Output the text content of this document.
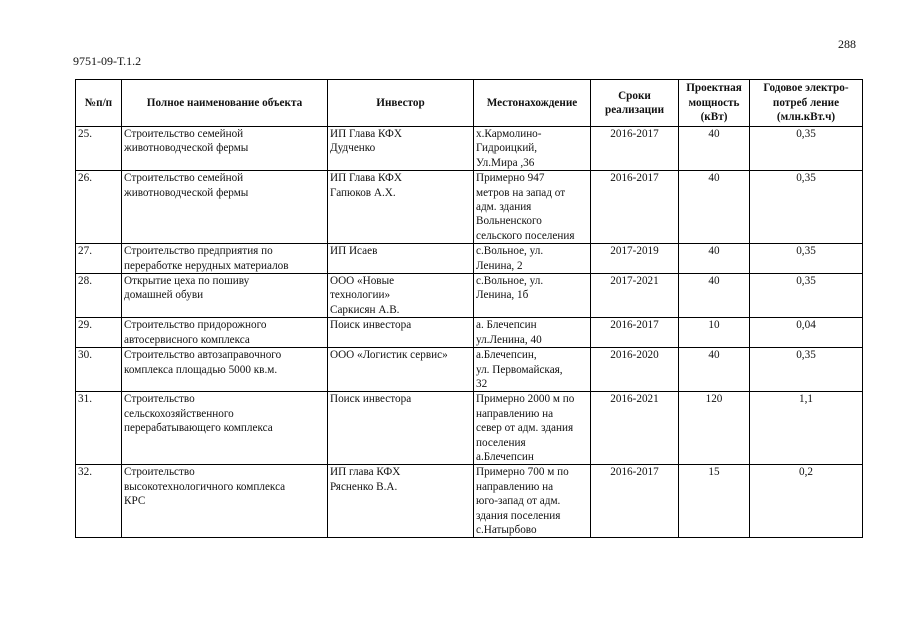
288
9751-09-Т.1.2
№п/п	Полное наименование объекта	Инвестор	Местонахождение	Сроки
реализации	Проектная
мощность
(кВт)	Годовое электро-
потреб ление
(млн.кВт.ч)
25.	Строительство семейной
животноводческой фермы	ИП Глава КФХ
Дудченко	х.Кармолино-
Гидроицкий,
Ул.Мира ,36	2016-2017	40	0,35
26.	Строительство семейной
животноводческой фермы	ИП Глава КФХ
Гапюков А.Х.	Примерно 947
метров на запад от
адм. здания
Вольненского
сельского поселения	2016-2017	40	0,35
27.	Строительство предприятия по
переработке нерудных материалов	ИП Исаев	с.Вольное, ул.
Ленина, 2	2017-2019	40	0,35
28.	Открытие цеха по пошиву
домашней обуви	ООО «Новые
технологии»
Саркисян А.В.	с.Вольное, ул.
Ленина, 1б	2017-2021	40	0,35
29.	Строительство придорожного
автосервисного комплекса	Поиск инвестора	а. Блечепсин
ул.Ленина, 40	2016-2017	10	0,04
30.	Строительство автозаправочного
комплекса площадью 5000 кв.м.	ООО «Логистик сервис»	а.Блечепсин,
ул. Первомайская,
32	2016-2020	40	0,35
31.	Строительство
сельскохозяйственного
перерабатывающего комплекса	Поиск инвестора	Примерно 2000 м по
направлению на
север от адм. здания
поселения
а.Блечепсин	2016-2021	120	1,1
32.	Строительство
высокотехнологичного комплекса
КРС	ИП глава КФХ
Рясненко В.А.	Примерно 700 м по
направлению на
юго-запад от адм.
здания поселения
с.Натырбово	2016-2017	15	0,2
